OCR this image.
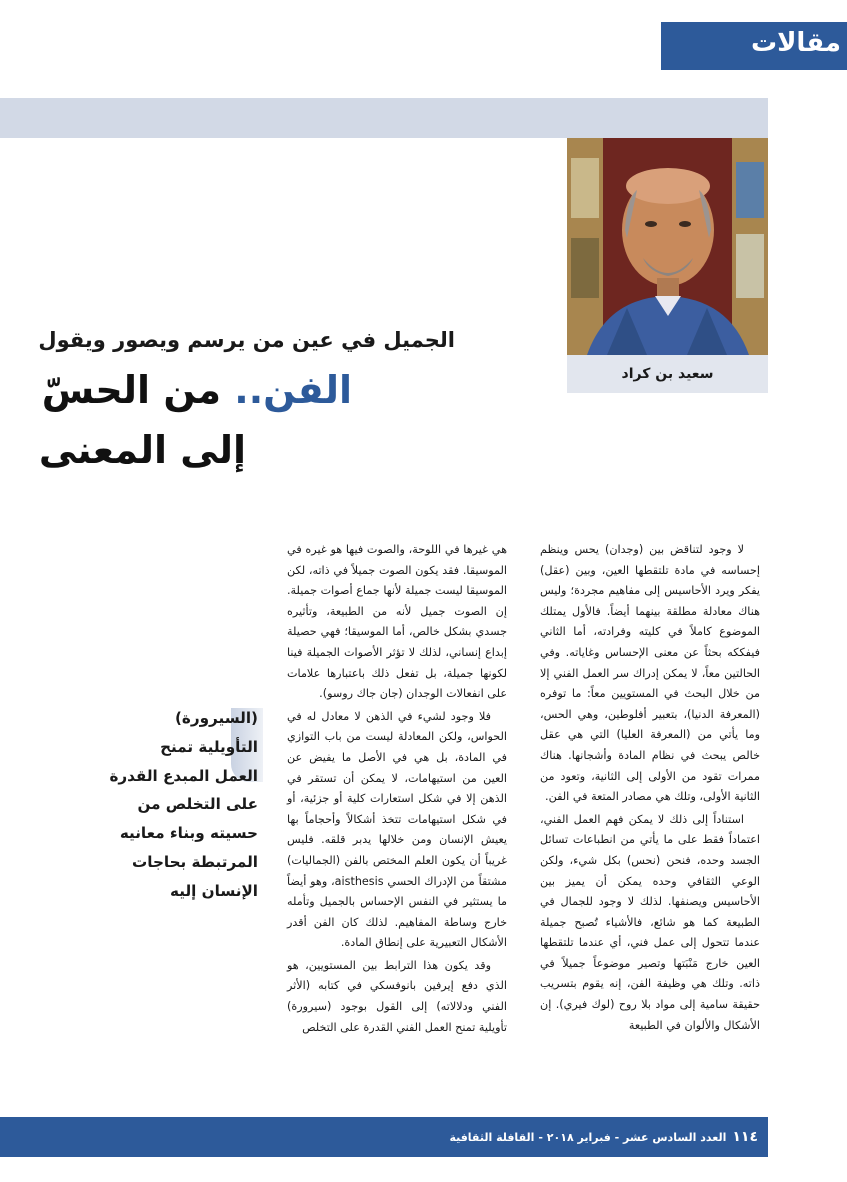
مقالات
سعيد بن كراد
الجميل في عين من يرسم ويصور ويقول
الفن.. من الحسّ
إلى المعنى

(السيرورة)

التأويلية تمنح

العمل المبدع القدرة

على التخلص من

حسيته وبناء معانيه

المرتبطة بحاجات

الإنسان إليه

لا وجود لتناقض بين (وجدان) يحس وينظم إحساسه في مادة تلتقطها العين، وبين (عقل) يفكر ويرد الأحاسيس إلى مفاهيم مجردة؛ وليس هناك معادلة مطلقة بينهما أيضاً. فالأول يمتلك الموضوع كاملاً في كليته وفرادته، أما الثاني فيفككه بحثاً عن معنى الإحساس وغاياته. وفي الحالتين معاً، لا يمكن إدراك سر العمل الفني إلا من خلال البحث في المستويين معاً: ما توفره (المعرفة الدنيا)، بتعبير أفلوطين، وهي الحس، وما يأتي من (المعرفة العليا) التي هي عقل خالص يبحث في نظام المادة وأشجانها. هناك ممرات تقود من الأولى إلى الثانية، وتعود من الثانية الأولى، وتلك هي مصادر المتعة في الفن.

استناداً إلى ذلك لا يمكن فهم العمل الفني، اعتماداً فقط على ما يأتي من انطباعات تسائل الجسد وحده، فنحن (نحس) بكل شيء، ولكن الوعي الثقافي وحده يمكن أن يميز بين الأحاسيس ويصنفها. لذلك لا وجود للجمال في الطبيعة كما هو شائع، فالأشياء تُصبح جميلة عندما تتحول إلى عمل فني، أي عندما تلتقطها العين خارج مَنْبَتها وتصير موضوعاً جميلاً في ذاته. وتلك هي وظيفة الفن، إنه يقوم بتسريب حقيقة سامية إلى مواد بلا روح (لوك فيري). إن الأشكال والألوان في الطبيعة

هي غيرها في اللوحة، والصوت فيها هو غيره في الموسيقا. فقد يكون الصوت جميلاً في ذاته، لكن الموسيقا ليست جميلة لأنها جماع أصوات جميلة. إن الصوت جميل لأنه من الطبيعة، وتأثيره جسدي بشكل خالص، أما الموسيقا؛ فهي حصيلة إبداع إنساني، لذلك لا تؤثر الأصوات الجميلة فينا لكونها جميلة، بل تفعل ذلك باعتبارها علامات على انفعالات الوجدان (جان جاك روسو).

فلا وجود لشيء في الذهن لا معادل له في الحواس، ولكن المعادلة ليست من باب التوازي في المادة، بل هي في الأصل ما يفيض عن العين من استيهامات، لا يمكن أن تستقر في الذهن إلا في شكل استعارات كلية أو جزئية، أو في شكل استيهامات تتخذ أشكالاً وأحجاماً بها يعيش الإنسان ومن خلالها يدبر قلقه. فليس غريباً أن يكون العلم المختص بالفن (الجماليات) مشتقاً من الإدراك الحسي aisthesis، وهو أيضاً ما يستثير في النفس الإحساس بالجميل وتأمله خارج وساطة المفاهيم. لذلك كان الفن أقدر الأشكال التعبيرية على إنطاق المادة.

وقد يكون هذا الترابط بين المستويين، هو الذي دفع إيرفين بانوفسكي في كتابه (الأثر الفني ودلالاته) إلى القول بوجود (سيرورة) تأويلية تمنح العمل الفني القدرة على التخلص

القافلة الثقافية العدد السادس عشر - فبراير ٢٠١٨ - ١١٤
